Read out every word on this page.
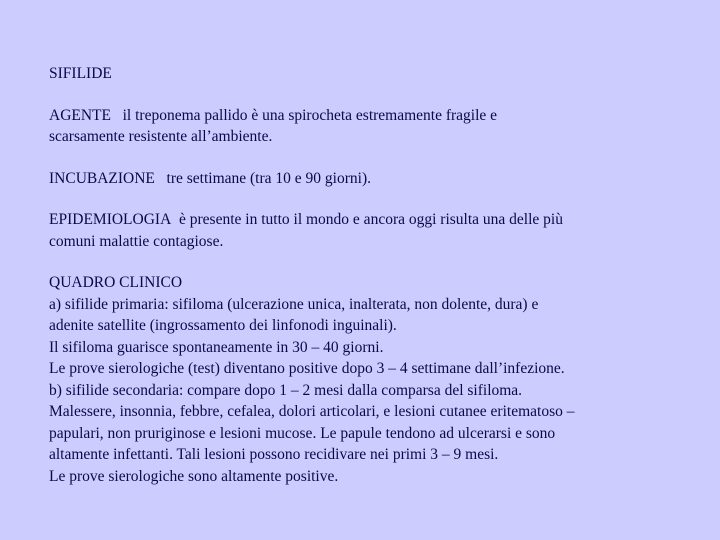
SIFILIDE
AGENTE il treponema pallido è una spirocheta estremamente fragile e
scarsamente resistente all’ambiente.
INCUBAZIONE tre settimane (tra 10 e 90 giorni).
EPIDEMIOLOGIA è presente in tutto il mondo e ancora oggi risulta una delle più
comuni malattie contagiose.
QUADRO CLINICO
a) sifilide primaria: sifiloma (ulcerazione unica, inalterata, non dolente, dura) e
adenite satellite (ingrossamento dei linfonodi inguinali).
Il sifiloma guarisce spontaneamente in 30 – 40 giorni.
Le prove sierologiche (test) diventano positive dopo 3 – 4 settimane dall’infezione.
b) sifilide secondaria: compare dopo 1 – 2 mesi dalla comparsa del sifiloma.
Malessere, insonnia, febbre, cefalea, dolori articolari, e lesioni cutanee eritematoso –
papulari, non pruriginose e lesioni mucose. Le papule tendono ad ulcerarsi e sono
altamente infettanti. Tali lesioni possono recidivare nei primi 3 – 9 mesi.
Le prove sierologiche sono altamente positive.
